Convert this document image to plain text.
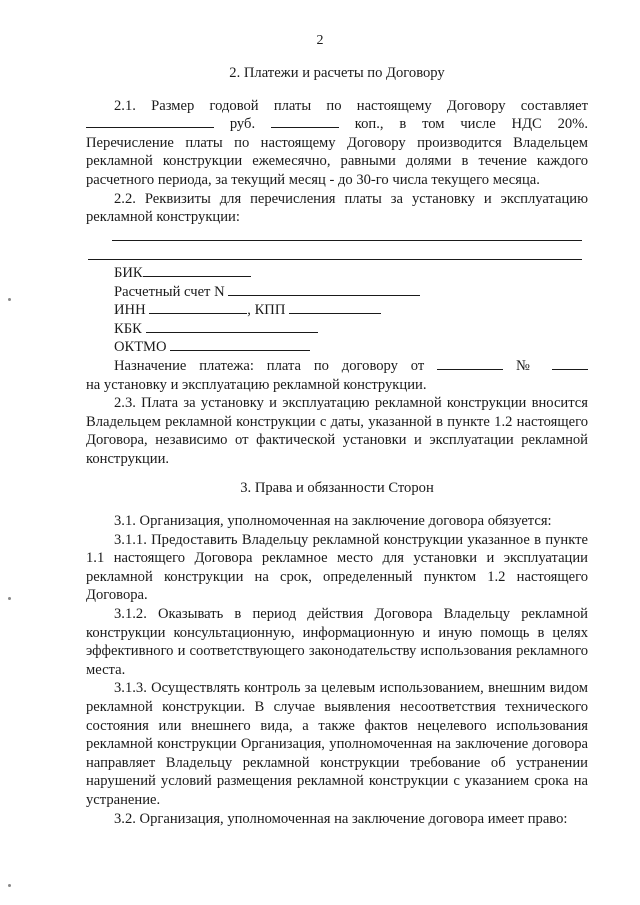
2

2. Платежи и расчеты по Договору

2.1. Размер годовой платы по настоящему Договору составляет

руб.	коп., в том числе НДС 20%.

Перечисление платы по настоящему Договору производится Владельцем рекламной конструкции ежемесячно, равными долями в течение каждого расчетного периода, за текущий месяц - до 30-го числа текущего месяца.

2.2. Реквизиты для перечисления платы за установку и эксплуатацию рекламной конструкции:

БИК

Расчетный счет N

ИНН	, КПП

КБК

ОКТМО

Назначение платежа: плата по договору от	№

на установку и эксплуатацию рекламной конструкции.

2.3. Плата за установку и эксплуатацию рекламной конструкции вносится Владельцем рекламной конструкции с даты, указанной в пункте 1.2 настоящего Договора, независимо от фактической установки и эксплуатации рекламной конструкции.

3. Права и обязанности Сторон

3.1. Организация, уполномоченная на заключение договора обязуется:

3.1.1. Предоставить Владельцу рекламной конструкции указанное в пункте 1.1 настоящего Договора рекламное место для установки и эксплуатации рекламной конструкции на срок, определенный пунктом 1.2 настоящего Договора.

3.1.2. Оказывать в период действия Договора Владельцу рекламной конструкции консультационную, информационную и иную помощь в целях эффективного и соответствующего законодательству использования рекламного места.

3.1.3. Осуществлять контроль за целевым использованием, внешним видом рекламной конструкции. В случае выявления несоответствия технического состояния или внешнего вида, а также фактов нецелевого использования рекламной конструкции Организация, уполномоченная на заключение договора направляет Владельцу рекламной конструкции требование об устранении нарушений условий размещения рекламной конструкции с указанием срока на устранение.

3.2. Организация, уполномоченная на заключение договора имеет право:
